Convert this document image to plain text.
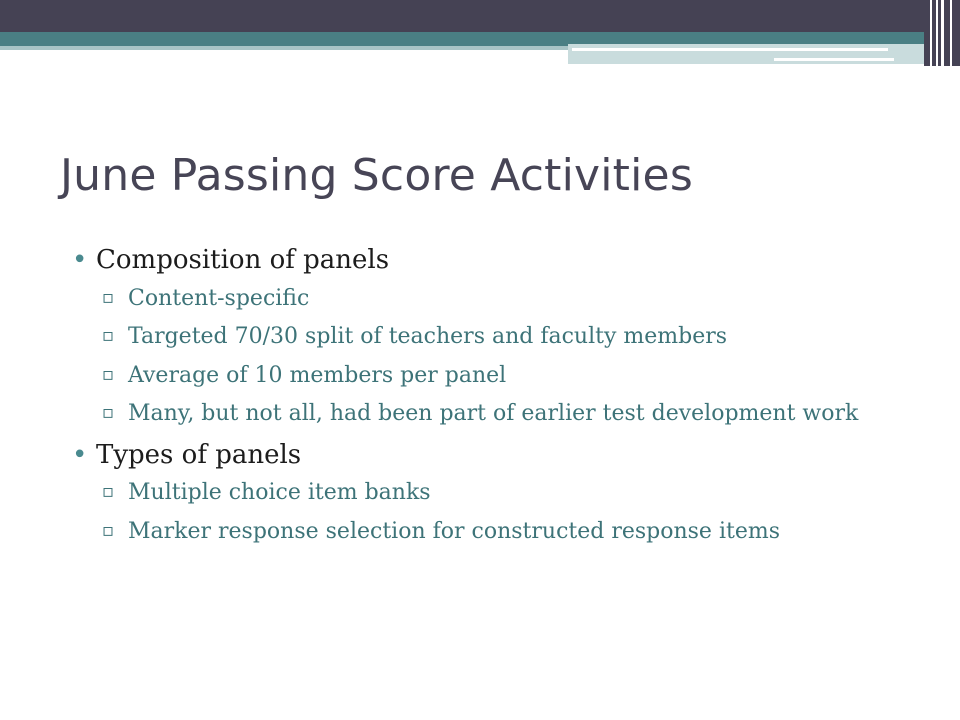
June Passing Score Activities
• Composition of panels
▫ Content-specific
▫ Targeted 70/30 split of teachers and faculty members
▫ Average of 10 members per panel
▫ Many, but not all, had been part of earlier test development work
• Types of panels
▫ Multiple choice item banks
▫ Marker response selection for constructed response items
